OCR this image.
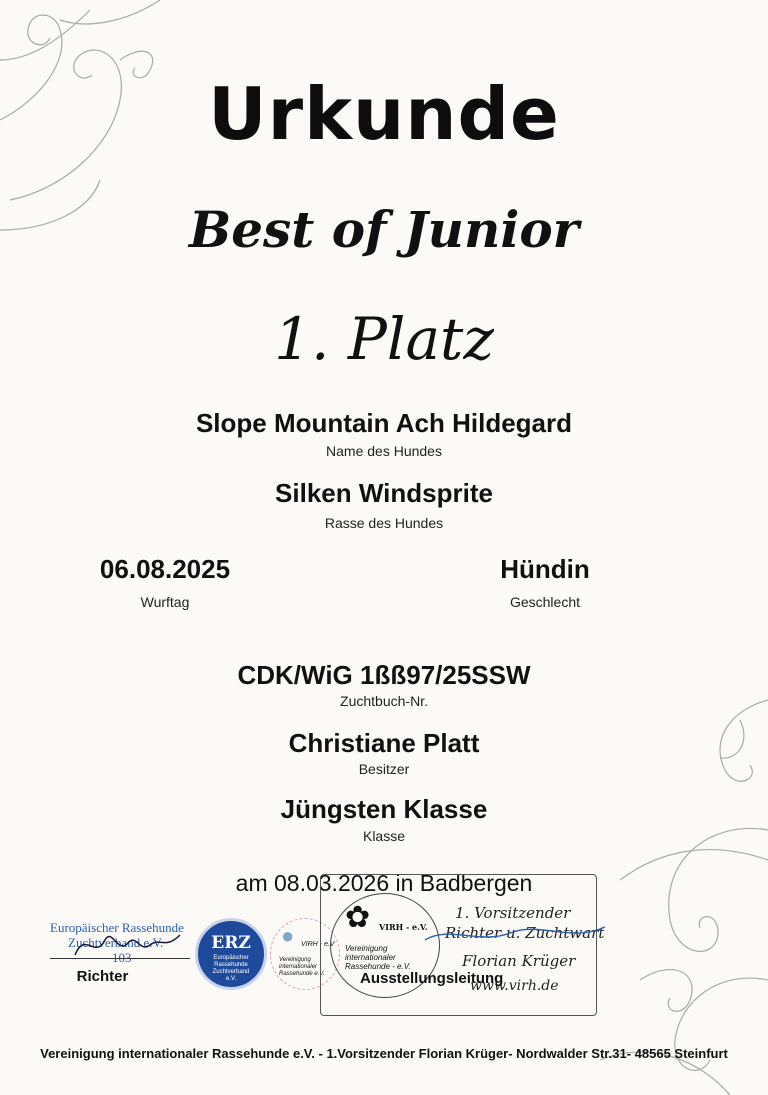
Urkunde
Best of Junior
1. Platz
Slope Mountain Ach Hildegard
Name des Hundes
Silken Windsprite
Rasse des Hundes
06.08.2025
Wurftag
Hündin
Geschlecht
CDK/WiG 1ßß97/25SSW
Zuchtbuch-Nr.
Christiane Platt
Besitzer
Jüngsten Klasse
Klasse
am 08.03.2026 in Badbergen
Europäischer Rassehunde
Zuchtverband e.V.
103
Richter
ERZ
Europäischer Rassehunde Zuchtverband e.V.
● VIRH - e.V
Vereinigung internationaler Rassehunde e.V.
✿ VIRH - e.V.
Vereinigung internationaler Rassehunde - e.V.
1. Vorsitzender
Richter u. Zuchtwart
Florian Krüger
www.virh.de
Ausstellungsleitung
Vereinigung internationaler Rassehunde e.V. - 1.Vorsitzender Florian Krüger- Nordwalder Str.31- 48565 Steinfurt
